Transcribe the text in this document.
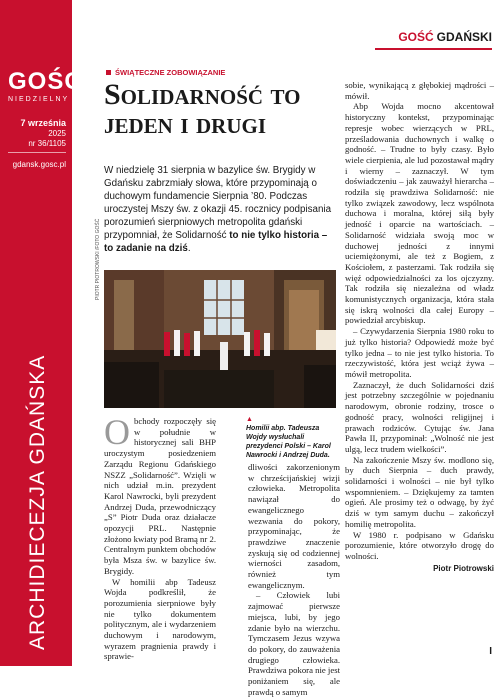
GOŚĆ
NIEDZIELNY
7 września
2025
nr 36/1105
gdansk.gosc.pl
ARCHIDIECEZJA GDAŃSKA
GOŚĆ GDAŃSKI
ŚWIĄTECZNE ZOBOWIĄZANIE
Solidarność to jeden i drugi
W niedzielę 31 sierpnia w bazylice św. Brygidy w Gdańsku zabrzmiały słowa, które przypominają o duchowym fundamencie Sierpnia ’80. Podczas uroczystej Mszy św. z okazji 45. rocznicy podpisania porozumień sierpniowych metropolita gdański przypomniał, że Solidarność to nie tylko historia – to zadanie na dziś.
PIOTR PIOTROWSKI /FOTO GOŚĆ
▲
Homilii abp. Tadeusza Wojdy wysłuchali prezydenci Polski – Karol Nawrocki i Andrzej Duda.

Obchody rozpoczęły się w południe w historycznej sali BHP uroczystym posiedzeniem Zarządu Regionu Gdańskiego NSZZ „Solidarność”. Wzięli w nich udział m.in. prezydent Karol Nawrocki, byli prezydent Andrzej Duda, przewodniczący „S” Piotr Duda oraz działacze opozycji PRL. Następnie złożono kwiaty pod Bramą nr 2. Centralnym punktem obchodów była Msza św. w bazylice św. Brygidy.

W homilii abp Tadeusz Wojda podkreślił, że porozumienia sierpniowe były nie tylko dokumentem politycznym, ale i wydarzeniem duchowym i narodowym, wyrazem pragnienia prawdy i sprawie-

dliwości zakorzenionym w chrześcijańskiej wizji człowieka. Metropolita nawiązał do ewangelicznego wezwania do pokory, przypominając, że prawdziwe znaczenie zyskują się od codziennej wierności zasadom, również tym ewangelicznym.

– Człowiek lubi zajmować pierwsze miejsca, lubi, by jego zdanie było na wierzchu. Tymczasem Jezus wzywa do pokory, do zauważenia drugiego człowieka. Prawdziwa pokora nie jest poniżaniem się, ale prawdą o samym

sobie, wynikającą z głębokiej mądrości – mówił.

Abp Wojda mocno akcentował historyczny kontekst, przypominając represje wobec wierzących w PRL, prześladowania duchownych i walkę o godność. – Trudne to były czasy. Było wiele cierpienia, ale lud pozostawał mądry i wierny – zaznaczył. W tym doświadczeniu – jak zauważył hierarcha – rodziła się prawdziwa Solidarność: nie tylko związek zawodowy, lecz wspólnota duchowa i moralna, której siłą były jedność i oparcie na wartościach. – Solidarność widziała swoją moc w duchowej jedności z innymi uciemiężonymi, ale też z Bogiem, z Kościołem, z pasterzami. Tak rodziła się więź odpowiedzialności za los ojczyzny. Tak rodziła się niezależna od władz komunistycznych organizacja, która stała się iskrą wolności dla całej Europy – powiedział arcybiskup.

– Czywydarzenia Sierpnia 1980 roku to już tylko historia? Odpowiedź może być tylko jedna – to nie jest tylko historia. To rzeczywistość, która jest wciąż żywa – mówił metropolita.

Zaznaczył, że duch Solidarności dziś jest potrzebny szczególnie w pojednaniu narodowym, obronie rodziny, trosce o godność pracy, wolności religijnej i prawach rodziców. Cytując św. Jana Pawła II, przypominał: „Wolność nie jest ulgą, lecz trudem wielkości”.

Na zakończenie Mszy św. modlono się, by duch Sierpnia – duch prawdy, solidarności i wolności – nie był tylko wspomnieniem. – Dziękujemy za tamten ogień. Ale prosimy też o odwagę, by żyć dziś w tym samym duchu – zakończył homilię metropolita.

W 1980 r. podpisano w Gdańsku porozumienie, które otworzyło drogę do wolności.

Piotr Piotrowski

I
